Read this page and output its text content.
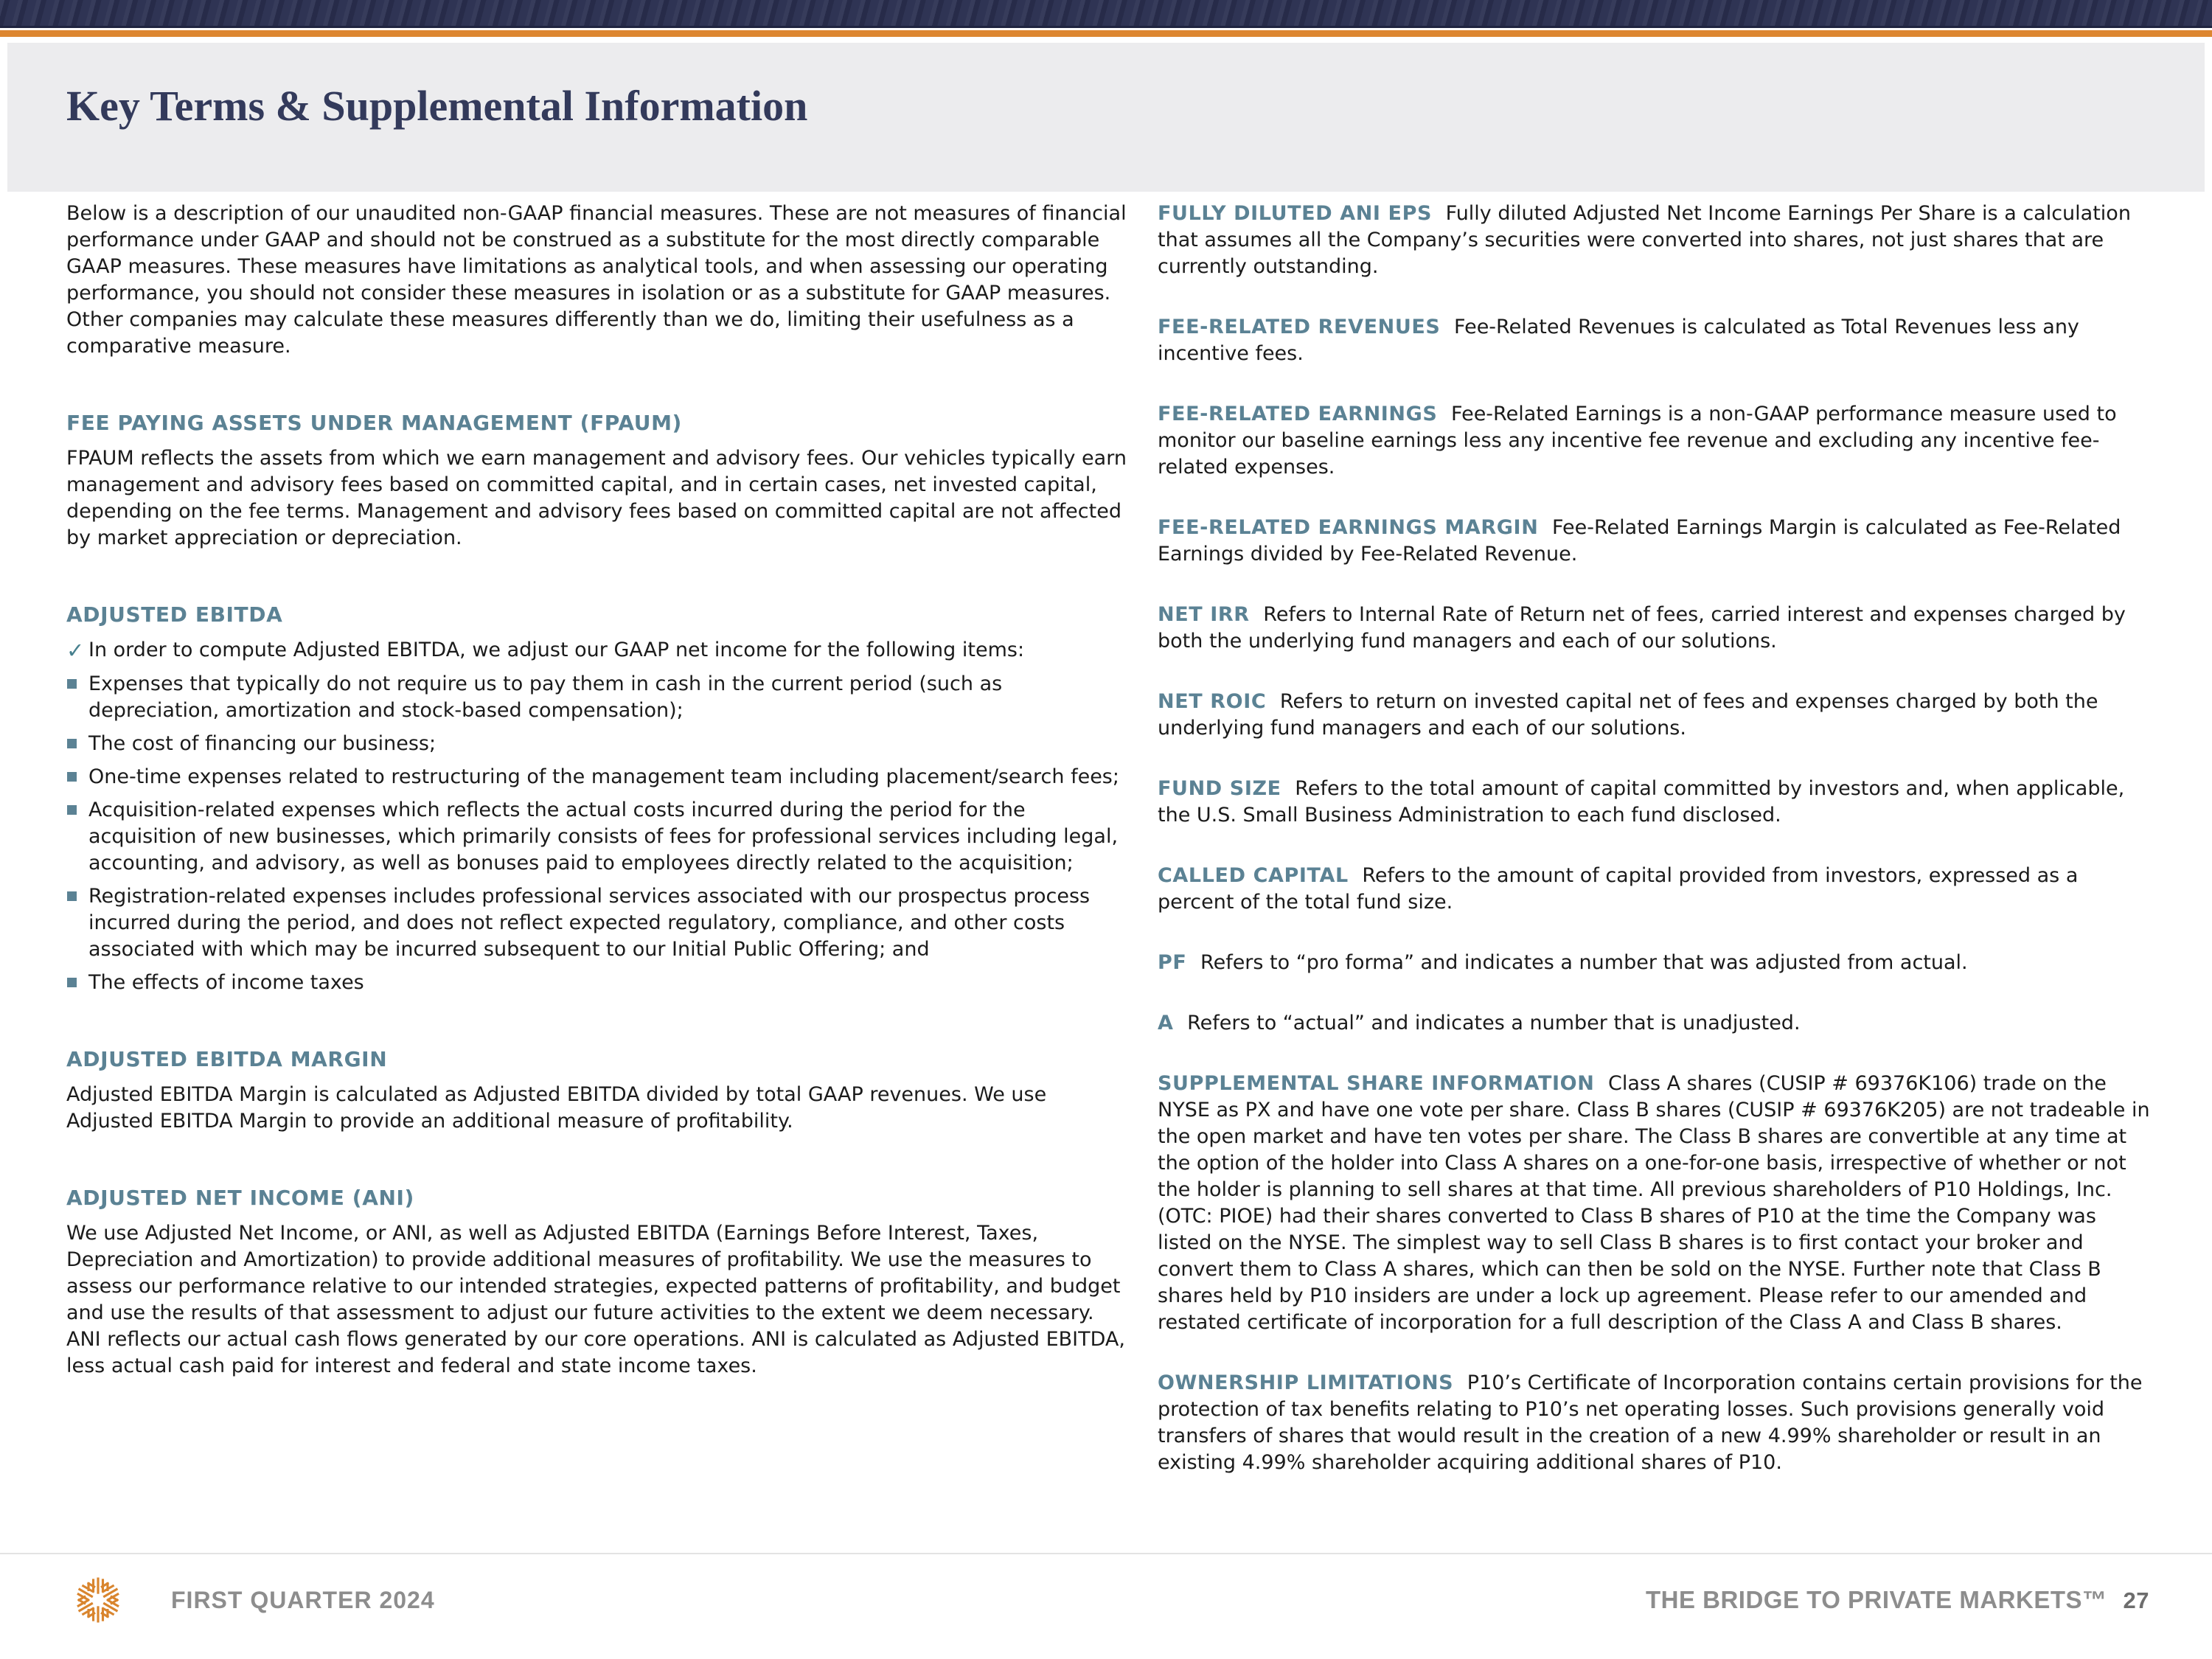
Key Terms & Supplemental Information

Below is a description of our unaudited non-GAAP financial measures. These are not measures of financial performance under GAAP and should not be construed as a substitute for the most directly comparable GAAP measures. These measures have limitations as analytical tools, and when assessing our operating performance, you should not consider these measures in isolation or as a substitute for GAAP measures. Other companies may calculate these measures differently than we do, limiting their usefulness as a comparative measure.

FEE PAYING ASSETS UNDER MANAGEMENT (FPAUM)

FPAUM reflects the assets from which we earn management and advisory fees. Our vehicles typically earn management and advisory fees based on committed capital, and in certain cases, net invested capital, depending on the fee terms. Management and advisory fees based on committed capital are not affected by market appreciation or depreciation.

ADJUSTED EBITDA
✓ In order to compute Adjusted EBITDA, we adjust our GAAP net income for the following items:
Expenses that typically do not require us to pay them in cash in the current period (such as depreciation, amortization and stock-based compensation);
The cost of financing our business;
One-time expenses related to restructuring of the management team including placement/search fees;
Acquisition-related expenses which reflects the actual costs incurred during the period for the acquisition of new businesses, which primarily consists of fees for professional services including legal, accounting, and advisory, as well as bonuses paid to employees directly related to the acquisition;
Registration-related expenses includes professional services associated with our prospectus process incurred during the period, and does not reflect expected regulatory, compliance, and other costs associated with which may be incurred subsequent to our Initial Public Offering; and
The effects of income taxes
ADJUSTED EBITDA MARGIN

Adjusted EBITDA Margin is calculated as Adjusted EBITDA divided by total GAAP revenues. We use Adjusted EBITDA Margin to provide an additional measure of profitability.

ADJUSTED NET INCOME (ANI)

We use Adjusted Net Income, or ANI, as well as Adjusted EBITDA (Earnings Before Interest, Taxes, Depreciation and Amortization) to provide additional measures of profitability. We use the measures to assess our performance relative to our intended strategies, expected patterns of profitability, and budget and use the results of that assessment to adjust our future activities to the extent we deem necessary. ANI reflects our actual cash flows generated by our core operations. ANI is calculated as Adjusted EBITDA, less actual cash paid for interest and federal and state income taxes.

FULLY DILUTED ANI EPS Fully diluted Adjusted Net Income Earnings Per Share is a calculation that assumes all the Company’s securities were converted into shares, not just shares that are currently outstanding.

FEE-RELATED REVENUES Fee-Related Revenues is calculated as Total Revenues less any incentive fees.

FEE-RELATED EARNINGS Fee-Related Earnings is a non-GAAP performance measure used to monitor our baseline earnings less any incentive fee revenue and excluding any incentive fee-related expenses.

FEE-RELATED EARNINGS MARGIN Fee-Related Earnings Margin is calculated as Fee-Related Earnings divided by Fee-Related Revenue.

NET IRR Refers to Internal Rate of Return net of fees, carried interest and expenses charged by both the underlying fund managers and each of our solutions.

NET ROIC Refers to return on invested capital net of fees and expenses charged by both the underlying fund managers and each of our solutions.

FUND SIZE Refers to the total amount of capital committed by investors and, when applicable, the U.S. Small Business Administration to each fund disclosed.

CALLED CAPITAL Refers to the amount of capital provided from investors, expressed as a percent of the total fund size.

PF Refers to “pro forma” and indicates a number that was adjusted from actual.

A Refers to “actual” and indicates a number that is unadjusted.

SUPPLEMENTAL SHARE INFORMATION Class A shares (CUSIP # 69376K106) trade on the NYSE as PX and have one vote per share. Class B shares (CUSIP # 69376K205) are not tradeable in the open market and have ten votes per share. The Class B shares are convertible at any time at the option of the holder into Class A shares on a one-for-one basis, irrespective of whether or not the holder is planning to sell shares at that time. All previous shareholders of P10 Holdings, Inc. (OTC: PIOE) had their shares converted to Class B shares of P10 at the time the Company was listed on the NYSE. The simplest way to sell Class B shares is to first contact your broker and convert them to Class A shares, which can then be sold on the NYSE. Further note that Class B shares held by P10 insiders are under a lock up agreement. Please refer to our amended and restated certificate of incorporation for a full description of the Class A and Class B shares.

OWNERSHIP LIMITATIONS P10’s Certificate of Incorporation contains certain provisions for the protection of tax benefits relating to P10’s net operating losses. Such provisions generally void transfers of shares that would result in the creation of a new 4.99% shareholder or result in an existing 4.99% shareholder acquiring additional shares of P10.

FIRST QUARTER 2024	THE BRIDGE TO PRIVATE MARKETS™ 27
